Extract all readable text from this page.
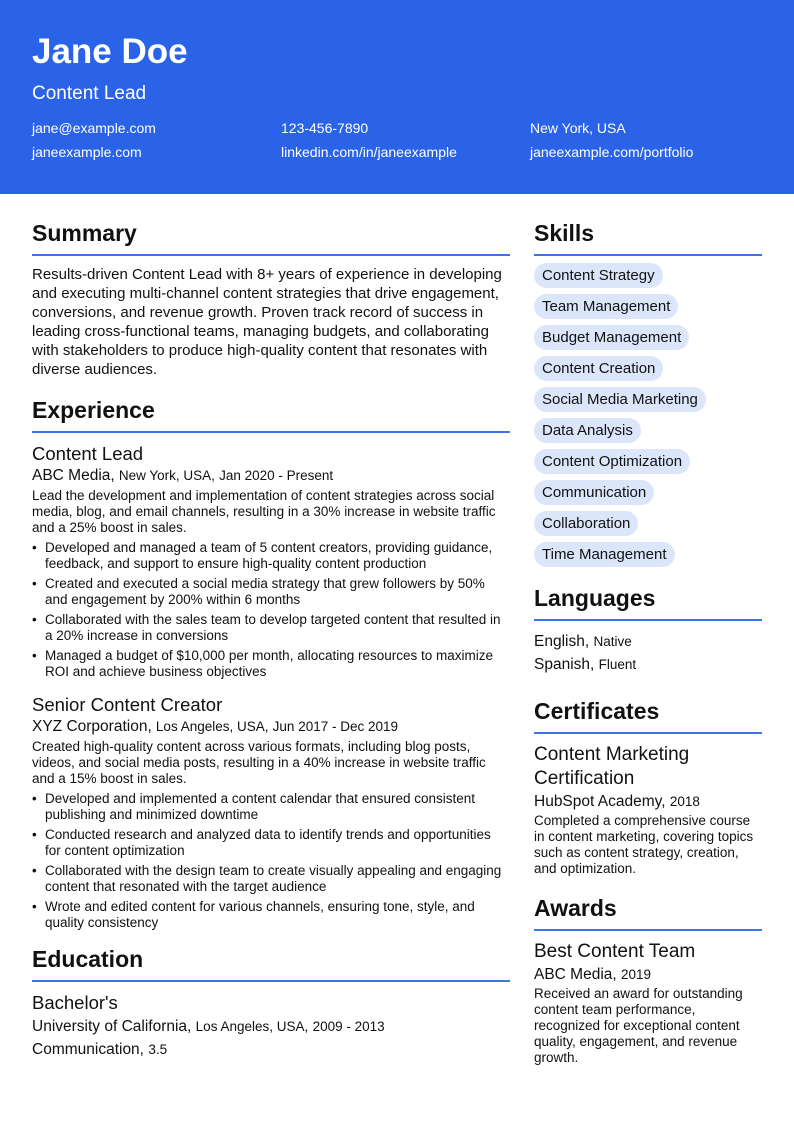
Jane Doe
Content Lead
jane@example.com	123-456-7890	New York, USA
janeexample.com	linkedin.com/in/janeexample	janeexample.com/portfolio
Summary
Results-driven Content Lead with 8+ years of experience in developing and executing multi-channel content strategies that drive engagement, conversions, and revenue growth. Proven track record of success in leading cross-functional teams, managing budgets, and collaborating with stakeholders to produce high-quality content that resonates with diverse audiences.
Experience
Content Lead
ABC Media, New York, USA, Jan 2020 - Present
Lead the development and implementation of content strategies across social media, blog, and email channels, resulting in a 30% increase in website traffic and a 25% boost in sales.
• Developed and managed a team of 5 content creators, providing guidance, feedback, and support to ensure high-quality content production
• Created and executed a social media strategy that grew followers by 50% and engagement by 200% within 6 months
• Collaborated with the sales team to develop targeted content that resulted in a 20% increase in conversions
• Managed a budget of $10,000 per month, allocating resources to maximize ROI and achieve business objectives
Senior Content Creator
XYZ Corporation, Los Angeles, USA, Jun 2017 - Dec 2019
Created high-quality content across various formats, including blog posts, videos, and social media posts, resulting in a 40% increase in website traffic and a 15% boost in sales.
• Developed and implemented a content calendar that ensured consistent publishing and minimized downtime
• Conducted research and analyzed data to identify trends and opportunities for content optimization
• Collaborated with the design team to create visually appealing and engaging content that resonated with the target audience
• Wrote and edited content for various channels, ensuring tone, style, and quality consistency
Education
Bachelor's
University of California, Los Angeles, USA, 2009 - 2013
Communication, 3.5
Skills
Content Strategy
Team Management
Budget Management
Content Creation
Social Media Marketing
Data Analysis
Content Optimization
Communication
Collaboration
Time Management
Languages
English, Native
Spanish, Fluent
Certificates
Content Marketing Certification
HubSpot Academy, 2018
Completed a comprehensive course in content marketing, covering topics such as content strategy, creation, and optimization.
Awards
Best Content Team
ABC Media, 2019
Received an award for outstanding content team performance, recognized for exceptional content quality, engagement, and revenue growth.
